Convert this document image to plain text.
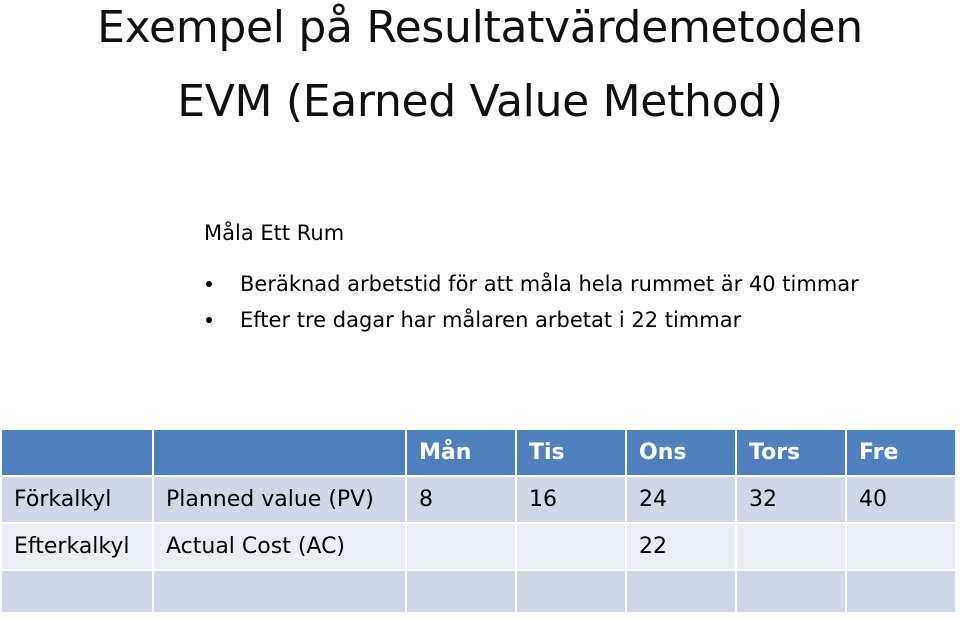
Exempel på Resultatvärdemetoden
EVM (Earned Value Method)
Måla Ett Rum
Beräknad arbetstid för att måla hela rummet är 40 timmar
Efter tre dagar har målaren arbetat i 22 timmar
		Mån	Tis	Ons	Tors	Fre
Förkalkyl	Planned value (PV)	8	16	24	32	40
Efterkalkyl	Actual Cost (AC)			22		
